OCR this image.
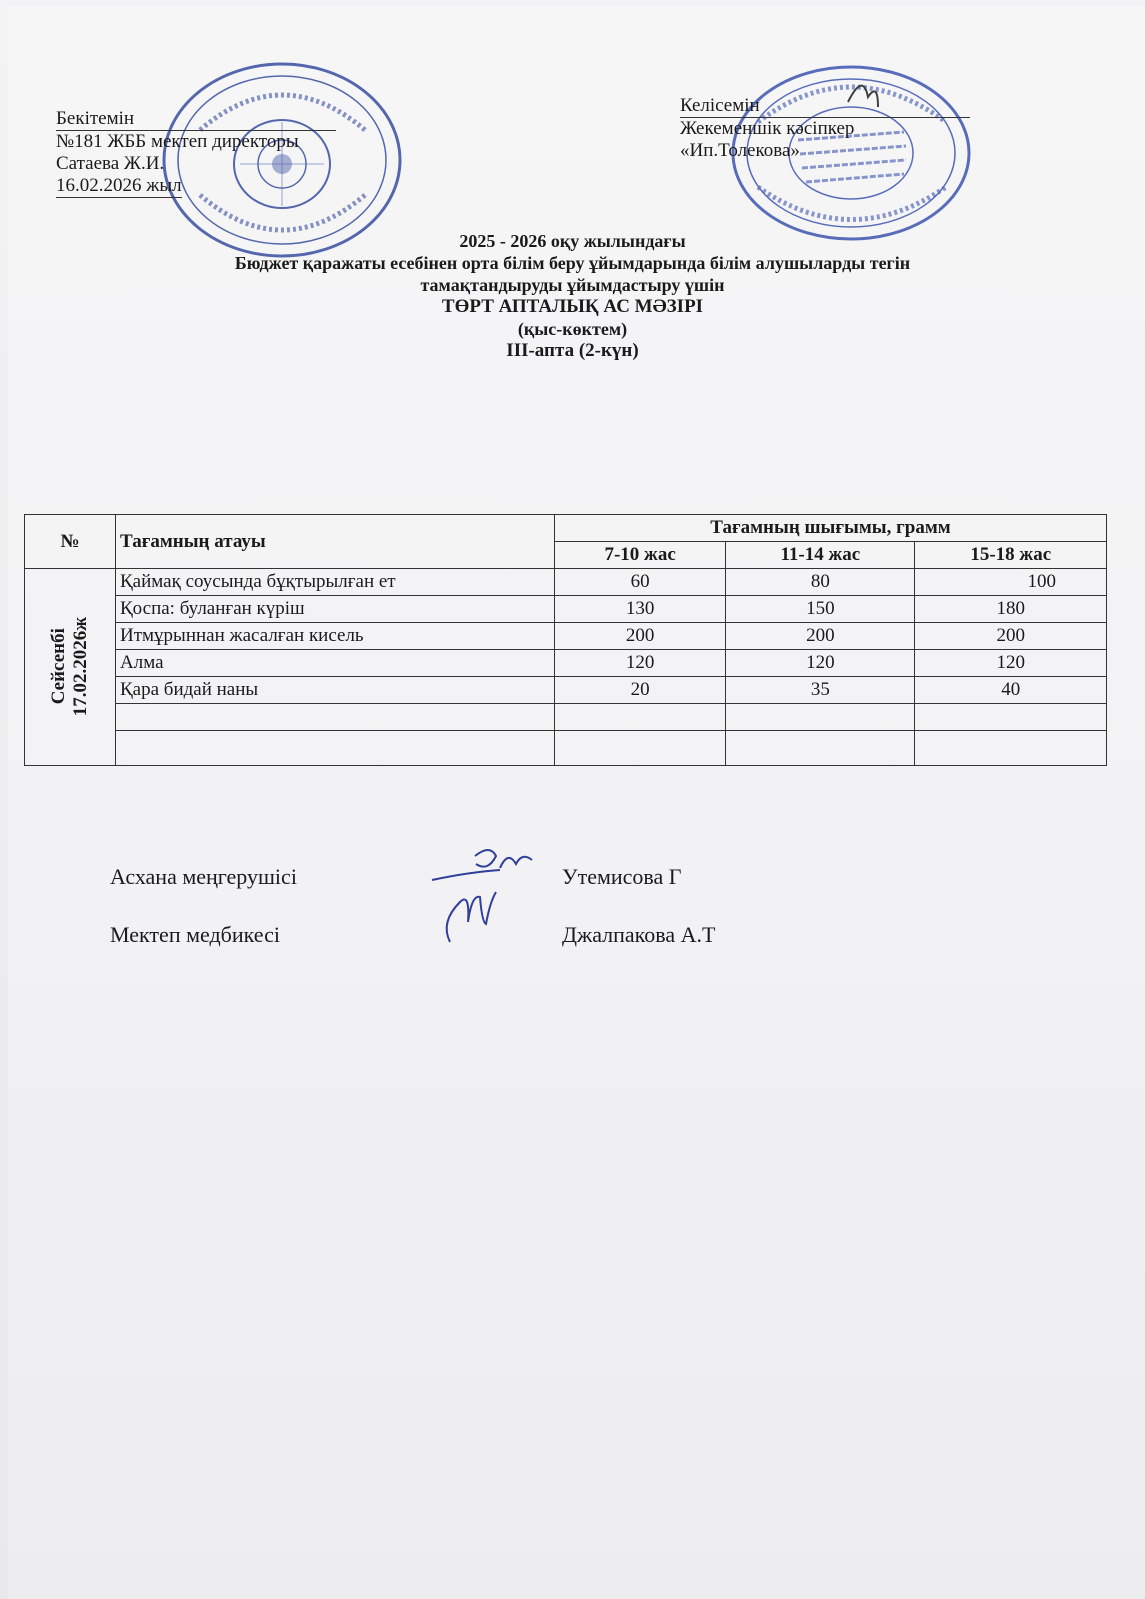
Бекітемін
№181 ЖББ мектеп директоры
Сатаева Ж.И.
16.02.2026 жыл
Келісемін
Жекеменшік кәсіпкер
«Ип.Толекова»
2025 - 2026 оқу жылындағы
Бюджет қаражаты есебінен орта білім беру ұйымдарында білім алушыларды тегін
тамақтандыруды ұйымдастыру үшін
ТӨРТ АПТАЛЫҚ АС МӘЗІРІ
(қыс-көктем)
ІІІ-апта (2-күн)
№	Тағамның атауы	Тағамның шығымы, грамм		
		7-10 жас	11-14 жас	15-18 жас

Сейсенбі 17.02.2026ж	Қаймақ соусында бұқтырылған ет	60	80	100
	Қоспа: буланған күріш	130	150	180
	Итмұрыннан жасалған кисель	200	200	200
	Алма	120	120	120
	Қара бидай наны	20	35	40

Асхана меңгерушісі	Утемисова Г
Мектеп медбикесі	Джалпакова А.Т
